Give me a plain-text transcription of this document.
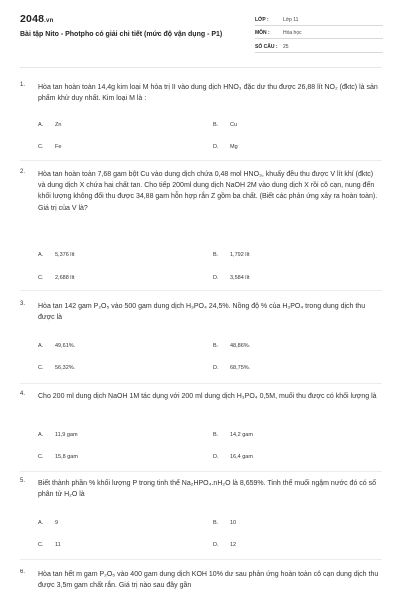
2048.vn
Bài tập Nito - Photpho có giải chi tiết (mức độ vận dụng - P1)
LỚP :	Lớp 11
MÔN :	Hóa học
SỐ CÂU : 25
1. Hòa tan hoàn toàn 14,4g kim loại M hóa trị II vào dung dịch HNO₃ đặc dư thu được 26,88 lít NO₂ (đktc) là sản phẩm khử duy nhất. Kim loại M là :
A. Zn	B. Cu
C. Fe	D. Mg
2. Hòa tan hoàn toàn 7,68 gam bột Cu vào dung dịch chứa 0,48 mol HNO₃, khuấy đều thu được V lít khí (đktc) và dung dịch X chứa hai chất tan. Cho tiếp 200ml dung dịch NaOH 2M vào dung dịch X rồi cô cạn, nung đến khối lượng không đổi thu được 34,88 gam hỗn hợp rắn Z gồm ba chất. (Biết các phản ứng xảy ra hoàn toàn). Giá trị của V là?
A. 5,376 lít	B. 1,792 lít
C. 2,688 lít	D. 3,584 lít
3. Hòa tan 142 gam P₂O₅ vào 500 gam dung dịch H₃PO₄ 24,5%. Nồng độ % của H₃PO₄ trong dung dịch thu được là
A. 49,61%.	B. 48,86%.
C. 56,32%.	D. 68,75%.
4. Cho 200 ml dung dịch NaOH 1M tác dụng với 200 ml dung dịch H₃PO₄ 0,5M, muối thu được có khối lượng là
A. 11,9 gam	B. 14,2 gam
C. 15,8 gam	D. 16,4 gam
5. Biết thành phần % khối lượng P trong tinh thể Na₂HPO₄.nH₂O là 8,659%. Tinh thể muối ngậm nước đó có số phân tử H₂O là
A. 9	B. 10
C. 11	D. 12
6. Hòa tan hết m gam P₂O₅ vào 400 gam dung dịch KOH 10% dư sau phản ứng hoàn toàn cô cạn dung dịch thu được 3,5m gam chất rắn. Giá trị nào sau đây gần
